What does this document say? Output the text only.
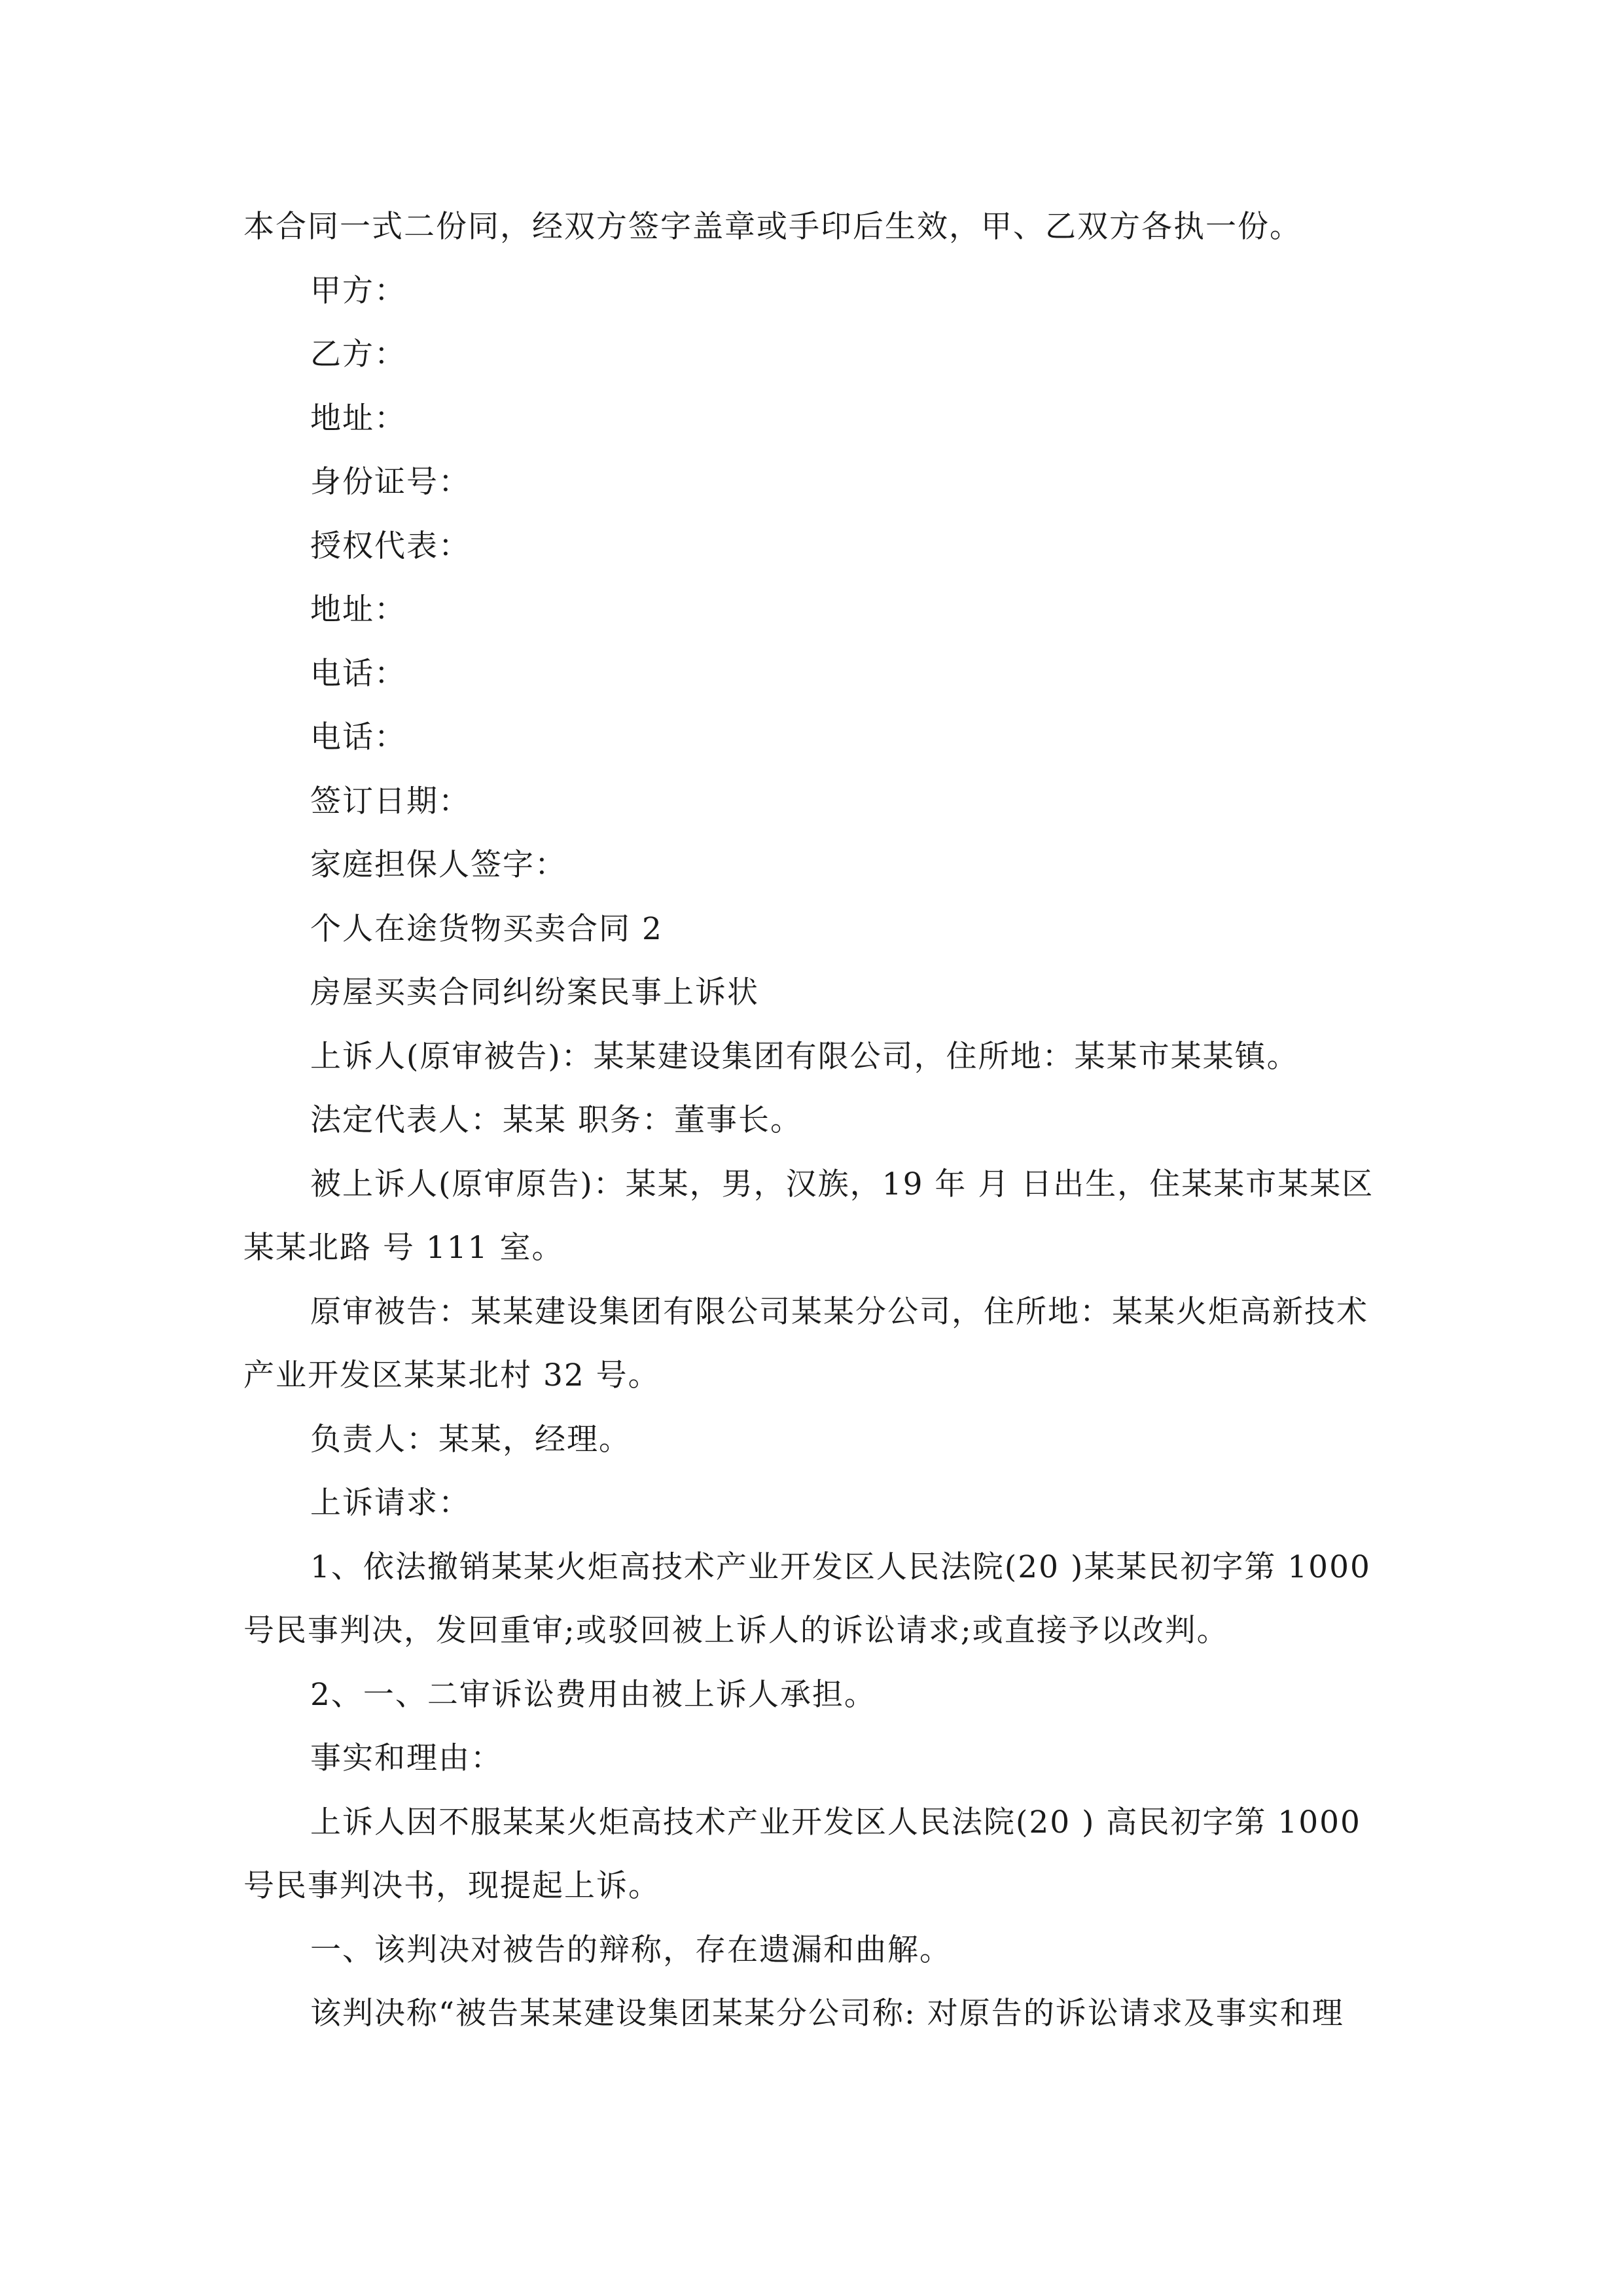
本合同一式二份同，经双方签字盖章或手印后生效，甲、乙双方各执一份。
甲方：
乙方：
地址：
身份证号：
授权代表：
地址：
电话：
电话：
签订日期：
家庭担保人签字：
个人在途货物买卖合同 2
房屋买卖合同纠纷案民事上诉状
上诉人(原审被告)：某某建设集团有限公司，住所地：某某市某某镇。
法定代表人：某某 职务：董事长。
被上诉人(原审原告)：某某，男，汉族，19 年 月 日出生，住某某市某某区
某某北路 号 111 室。
原审被告：某某建设集团有限公司某某分公司，住所地：某某火炬高新技术
产业开发区某某北村 32 号。
负责人：某某，经理。
上诉请求：
1、依法撤销某某火炬高技术产业开发区人民法院(20 )某某民初字第 1000
号民事判决，发回重审;或驳回被上诉人的诉讼请求;或直接予以改判。
2、一、二审诉讼费用由被上诉人承担。
事实和理由：
上诉人因不服某某火炬高技术产业开发区人民法院(20 ) 高民初字第 1000
号民事判决书，现提起上诉。
一、该判决对被告的辩称，存在遗漏和曲解。
该判决称“被告某某建设集团某某分公司称: 对原告的诉讼请求及事实和理
